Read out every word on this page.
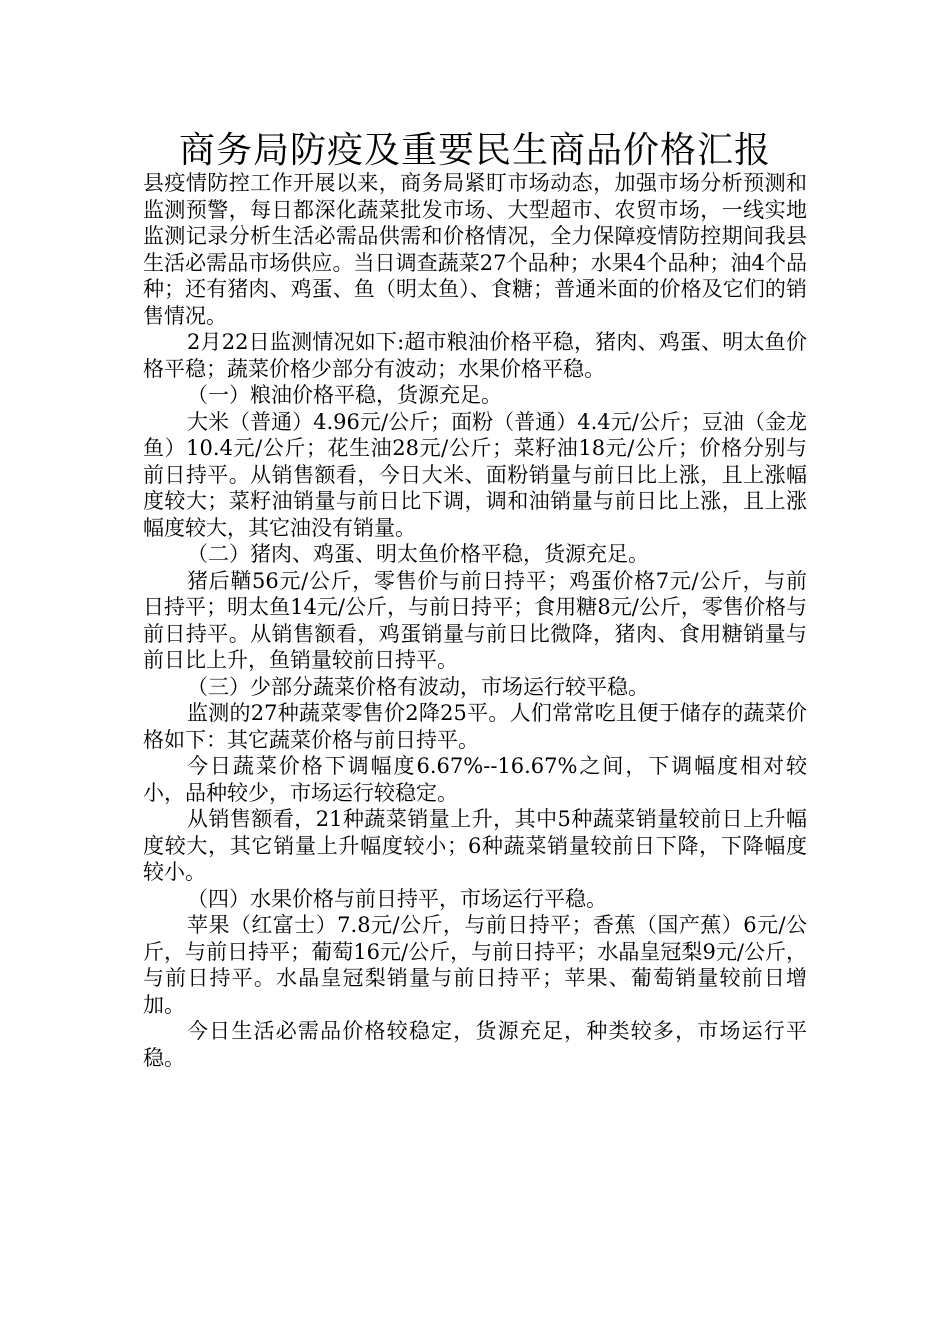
商务局防疫及重要民生商品价格汇报

县疫情防控工作开展以来，商务局紧盯市场动态，加强市场分析预测和监测预警，每日都深化蔬菜批发市场、大型超市、农贸市场，一线实地监测记录分析生活必需品供需和价格情况，全力保障疫情防控期间我县生活必需品市场供应。当日调查蔬菜27个品种；水果4个品种；油4个品种；还有猪肉、鸡蛋、鱼（明太鱼）、食糖；普通米面的价格及它们的销售情况。

2月22日监测情况如下:超市粮油价格平稳，猪肉、鸡蛋、明太鱼价格平稳；蔬菜价格少部分有波动；水果价格平稳。

（一）粮油价格平稳，货源充足。

大米（普通）4.96元/公斤；面粉（普通）4.4元/公斤；豆油（金龙鱼）10.4元/公斤；花生油28元/公斤；菜籽油18元/公斤；价格分别与前日持平。从销售额看，今日大米、面粉销量与前日比上涨，且上涨幅度较大；菜籽油销量与前日比下调，调和油销量与前日比上涨，且上涨幅度较大，其它油没有销量。

（二）猪肉、鸡蛋、明太鱼价格平稳，货源充足。

猪后鞧56元/公斤，零售价与前日持平；鸡蛋价格7元/公斤，与前日持平；明太鱼14元/公斤，与前日持平；食用糖8元/公斤，零售价格与前日持平。从销售额看，鸡蛋销量与前日比微降，猪肉、食用糖销量与前日比上升，鱼销量较前日持平。

（三）少部分蔬菜价格有波动，市场运行较平稳。

监测的27种蔬菜零售价2降25平。人们常常吃且便于储存的蔬菜价格如下：其它蔬菜价格与前日持平。

今日蔬菜价格下调幅度6.67%--16.67%之间，下调幅度相对较小，品种较少，市场运行较稳定。

从销售额看，21种蔬菜销量上升，其中5种蔬菜销量较前日上升幅度较大，其它销量上升幅度较小；6种蔬菜销量较前日下降，下降幅度较小。

（四）水果价格与前日持平，市场运行平稳。

苹果（红富士）7.8元/公斤，与前日持平；香蕉（国产蕉）6元/公斤，与前日持平；葡萄16元/公斤，与前日持平；水晶皇冠梨9元/公斤，与前日持平。水晶皇冠梨销量与前日持平；苹果、葡萄销量较前日增加。

今日生活必需品价格较稳定，货源充足，种类较多，市场运行平稳。
